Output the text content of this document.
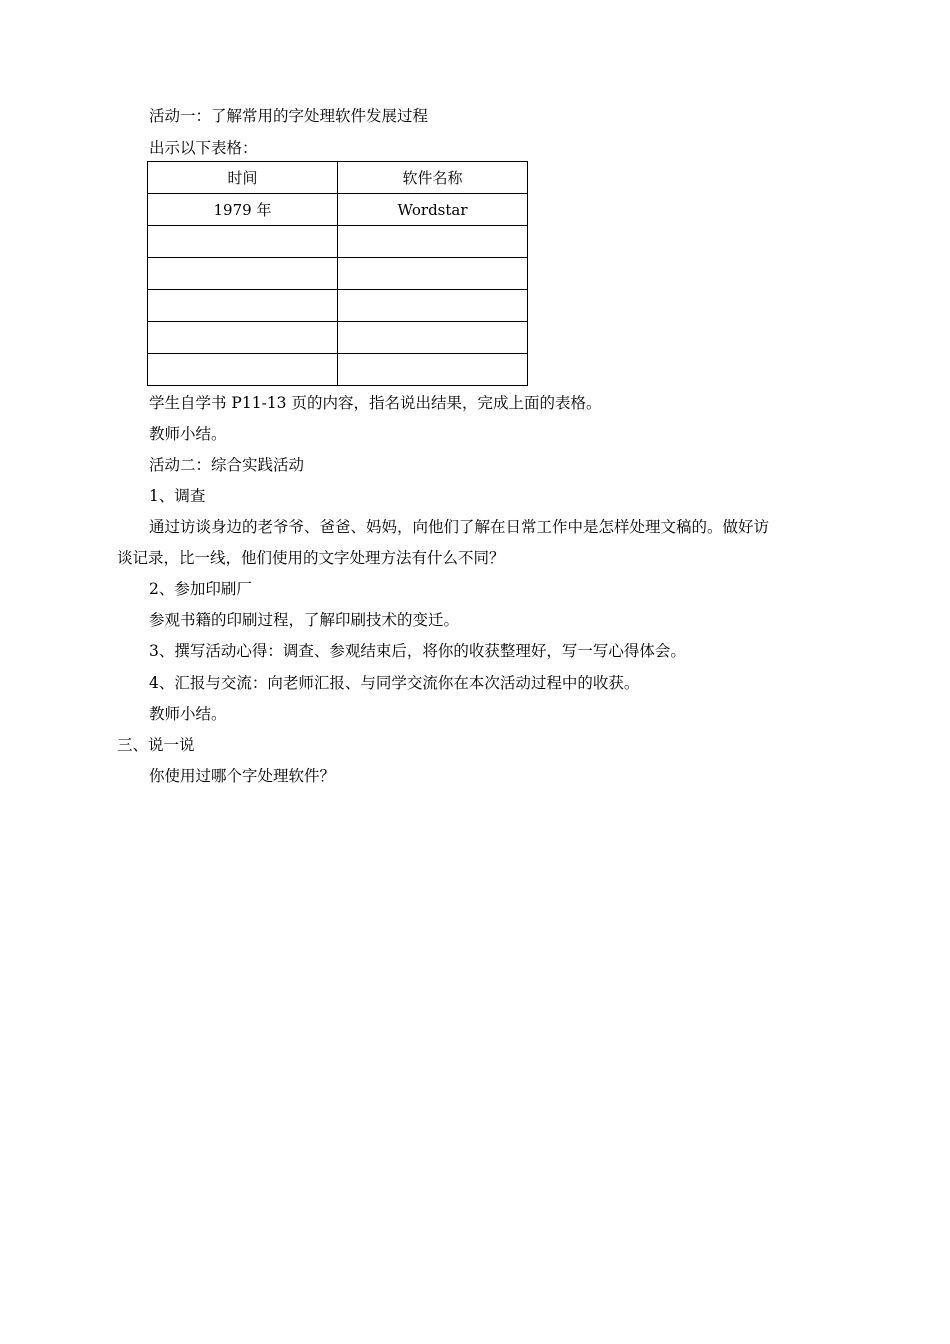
活动一：了解常用的字处理软件发展过程
出示以下表格：
时间	软件名称
1979 年	Wordstar

学生自学书 P11-13 页的内容，指名说出结果，完成上面的表格。
教师小结。
活动二：综合实践活动
1、调查
通过访谈身边的老爷爷、爸爸、妈妈，向他们了解在日常工作中是怎样处理文稿的。做好访
谈记录，比一线，他们使用的文字处理方法有什么不同？
2、参加印刷厂
参观书籍的印刷过程，了解印刷技术的变迁。
3、撰写活动心得：调查、参观结束后，将你的收获整理好，写一写心得体会。
4、汇报与交流：向老师汇报、与同学交流你在本次活动过程中的收获。
教师小结。
三、说一说
你使用过哪个字处理软件？
